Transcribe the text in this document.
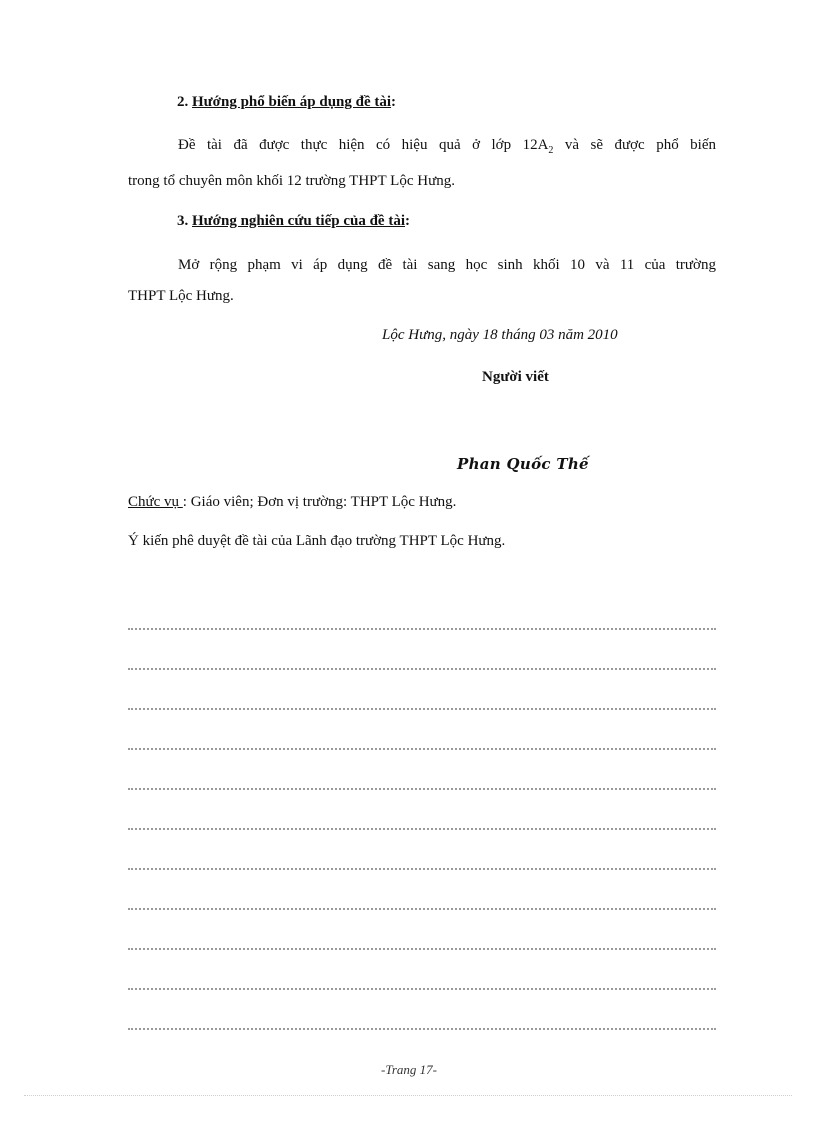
2. Hướng phổ biến áp dụng đề tài:
Đề tài đã được thực hiện có hiệu quả ở lớp $12A_2$ và sẽ được phổ biến
trong tổ chuyên môn khối 12 trường THPT Lộc Hưng.
3. Hướng nghiên cứu tiếp của đề tài:
Mở rộng phạm vi áp dụng đề tài sang học sinh khối 10 và 11 của trường
THPT Lộc Hưng.
Lộc Hưng, ngày 18 tháng 03 năm 2010
Người viết
Phan Quốc Thế
Chức vụ : Giáo viên; Đơn vị trường: THPT Lộc Hưng.
Ý kiến phê duyệt đề tài của Lãnh đạo trường THPT Lộc Hưng.
-Trang 17-
